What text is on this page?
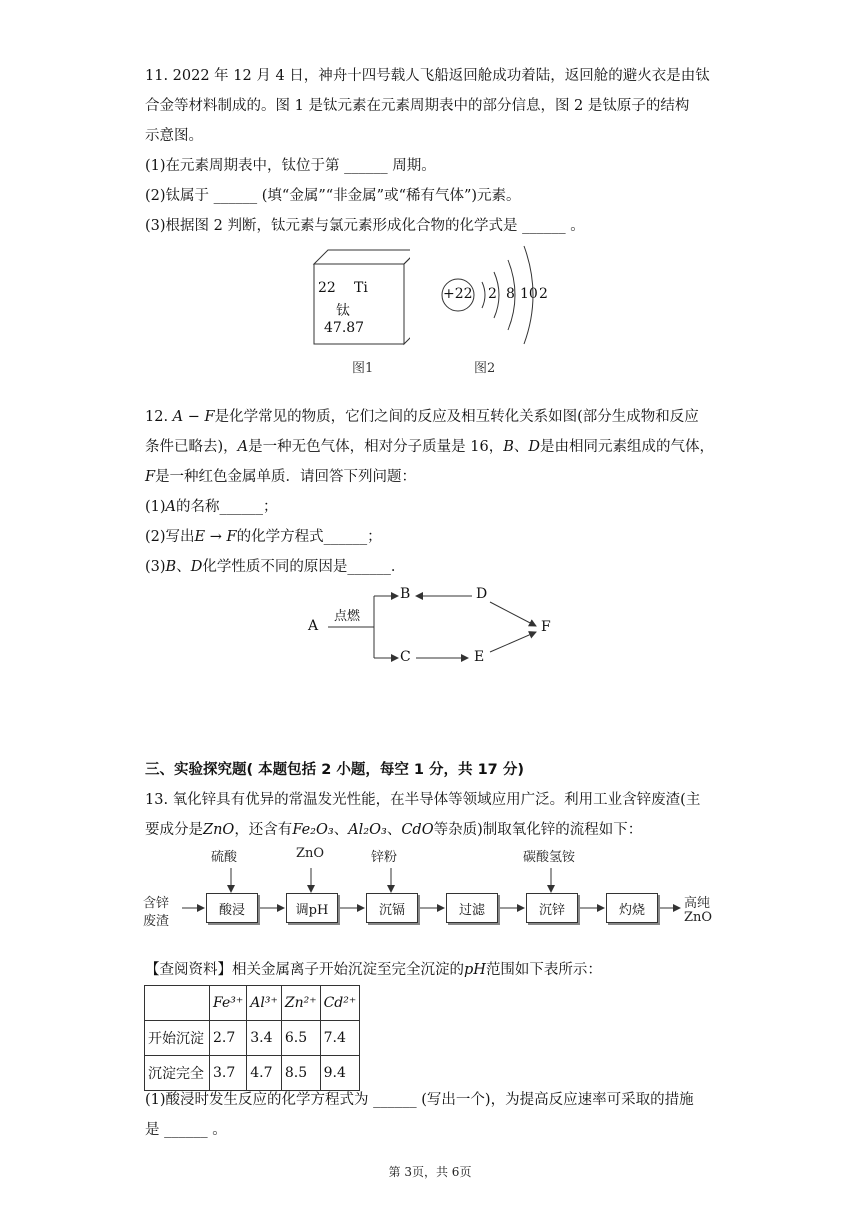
11. 2022 年 12 月 4 日，神舟十四号载人飞船返回舱成功着陆，返回舱的避火衣是由钛
合金等材料制成的。图 1 是钛元素在元素周期表中的部分信息，图 2 是钛原子的结构
示意图。
(1)在元素周期表中，钛位于第 ______ 周期。
(2)钛属于 ______ (填“金属”“非金属”或“稀有气体”)元素。
(3)根据图 2 判断，钛元素与氯元素形成化合物的化学式是 ______ 。
22 Ti
钛
47.87
图1
+22 2 8 10 2
图2
12. A − F是化学常见的物质，它们之间的反应及相互转化关系如图(部分生成物和反应
条件已略去)，A是一种无色气体，相对分子质量是 16，B、D是由相同元素组成的气体，
F是一种红色金属单质．请回答下列问题：
(1)A的名称______；
(2)写出E → F的化学方程式______；
(3)B、D化学性质不同的原因是______．
A
点燃
B	D
F
C	E
三、实验探究题( 本题包括 2 小题，每空 1 分，共 17 分)
13. 氧化锌具有优异的常温发光性能，在半导体等领域应用广泛。利用工业含锌废渣(主
要成分是ZnO，还含有Fe₂O₃、Al₂O₃、CdO等杂质)制取氧化锌的流程如下：
含锌
废渣
硫酸	ZnO	锌粉	碳酸氢铵
酸浸	调pH	沉镉	过滤	沉锌	灼烧	高纯
ZnO
【查阅资料】相关金属离子开始沉淀至完全沉淀的pH范围如下表所示：
	Fe³⁺	Al³⁺	Zn²⁺	Cd²⁺
开始沉淀	2.7	3.4	6.5	7.4
沉淀完全	3.7	4.7	8.5	9.4
(1)酸浸时发生反应的化学方程式为 ______ (写出一个)，为提高反应速率可采取的措施
是 ______ 。
第 3页，共 6页
